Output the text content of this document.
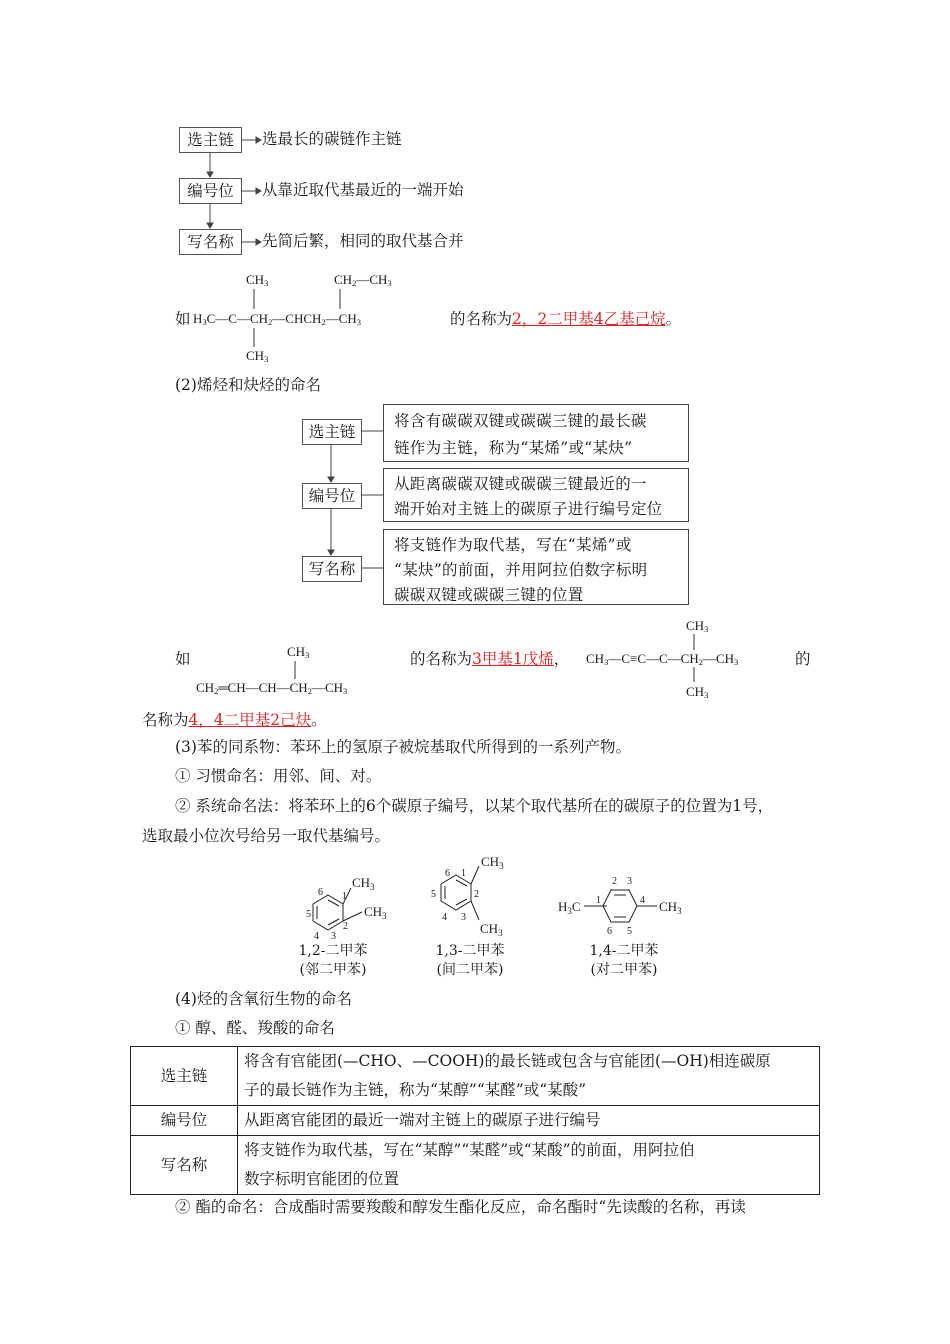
选主链
编号位
写名称
选最长的碳链作主链
从靠近取代基最近的一端开始
先简后繁，相同的取代基合并
如
$CH_3$	$CH_2—CH_3$
$H_3C—C—CH_2—CHCH_2—CH_3$
$CH_3$
的名称为2，2二甲基4乙基己烷。
(2)烯烃和炔烃的命名
选主链
编号位
写名称
将含有碳碳双键或碳碳三键的最长碳
链作为主链，称为“某烯”或“某炔”
从距离碳碳双键或碳碳三键最近的一
端开始对主链上的碳原子进行编号定位
将支链作为取代基，写在“某烯”或
“某炔”的前面，并用阿拉伯数字标明
碳碳双键或碳碳三键的位置
如	$CH_3$
$CH_2═CH—CH—CH_2—CH_3$
的名称为3甲基1戊烯，
$CH_3$
$CH_3—C\equiv C—C—CH_2—CH_3$
$CH_3$
的
名称为4，4二甲基2己炔。
(3)苯的同系物：苯环上的氢原子被烷基取代所得到的一系列产物。
① 习惯命名：用邻、间、对。
② 系统命名法：将苯环上的6个碳原子编号，以某个取代基所在的碳原子的位置为1号，
选取最小位次号给另一取代基编号。
6 1
5
2
4 3
$CH_3$
$CH_3$
6 1
5	2
4 3
$CH_3$
$CH_3$
2 3
1	4
6 5
$H_3C$	$CH_3$
1,2-二甲苯
(邻二甲苯)
1,3-二甲苯
(间二甲苯)
1,4-二甲苯
(对二甲苯)
(4)烃的含氧衍生物的命名
① 醇、醛、羧酸的命名
选主链	将含有官能团(—CHO、—COOH)的最长链或包含与官能团(—OH)相连碳原
子的最长链作为主链，称为“某醇”“某醛”或“某酸”

编号位	从距离官能团的最近一端对主链上的碳原子进行编号

写名称	将支链作为取代基，写在“某醇”“某醛”或“某酸”的前面，用阿拉伯
数字标明官能团的位置
② 酯的命名：合成酯时需要羧酸和醇发生酯化反应，命名酯时“先读酸的名称，再读
